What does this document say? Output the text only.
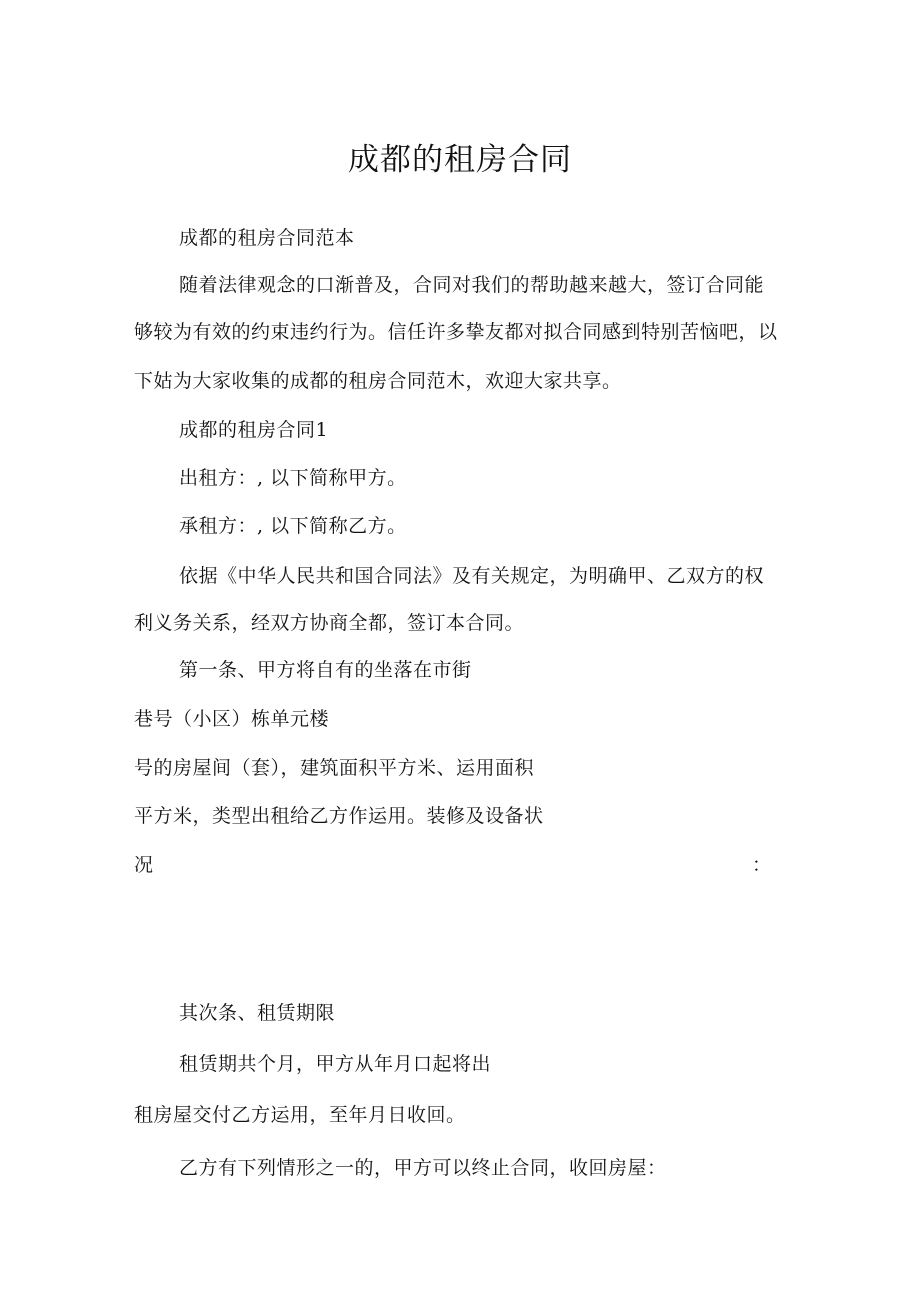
成都的租房合同
成都的租房合同范本
随着法律观念的口渐普及，合同对我们的帮助越来越大，签订合同能
够较为有效的约束违约行为。信任许多挚友都对拟合同感到特别苦恼吧，以
下姑为大家收集的成都的租房合同范木，欢迎大家共享。
成都的租房合同1
出租方：, 以下简称甲方。
承租方：, 以下简称乙方。
依据《中华人民共和国合同法》及有关规定，为明确甲、乙双方的权
利义务关系，经双方协商全都，签订本合同。
第一条、甲方将自有的坐落在市街
巷号（小区）栋单元楼
号的房屋间（套），建筑面积平方米、运用面积
平方米，类型出租给乙方作运用。装修及设备状
况	：
其次条、租赁期限
租赁期共个月，甲方从年月口起将出
租房屋交付乙方运用，至年月日收回。
乙方有下列情形之一的，甲方可以终止合同，收回房屋：
